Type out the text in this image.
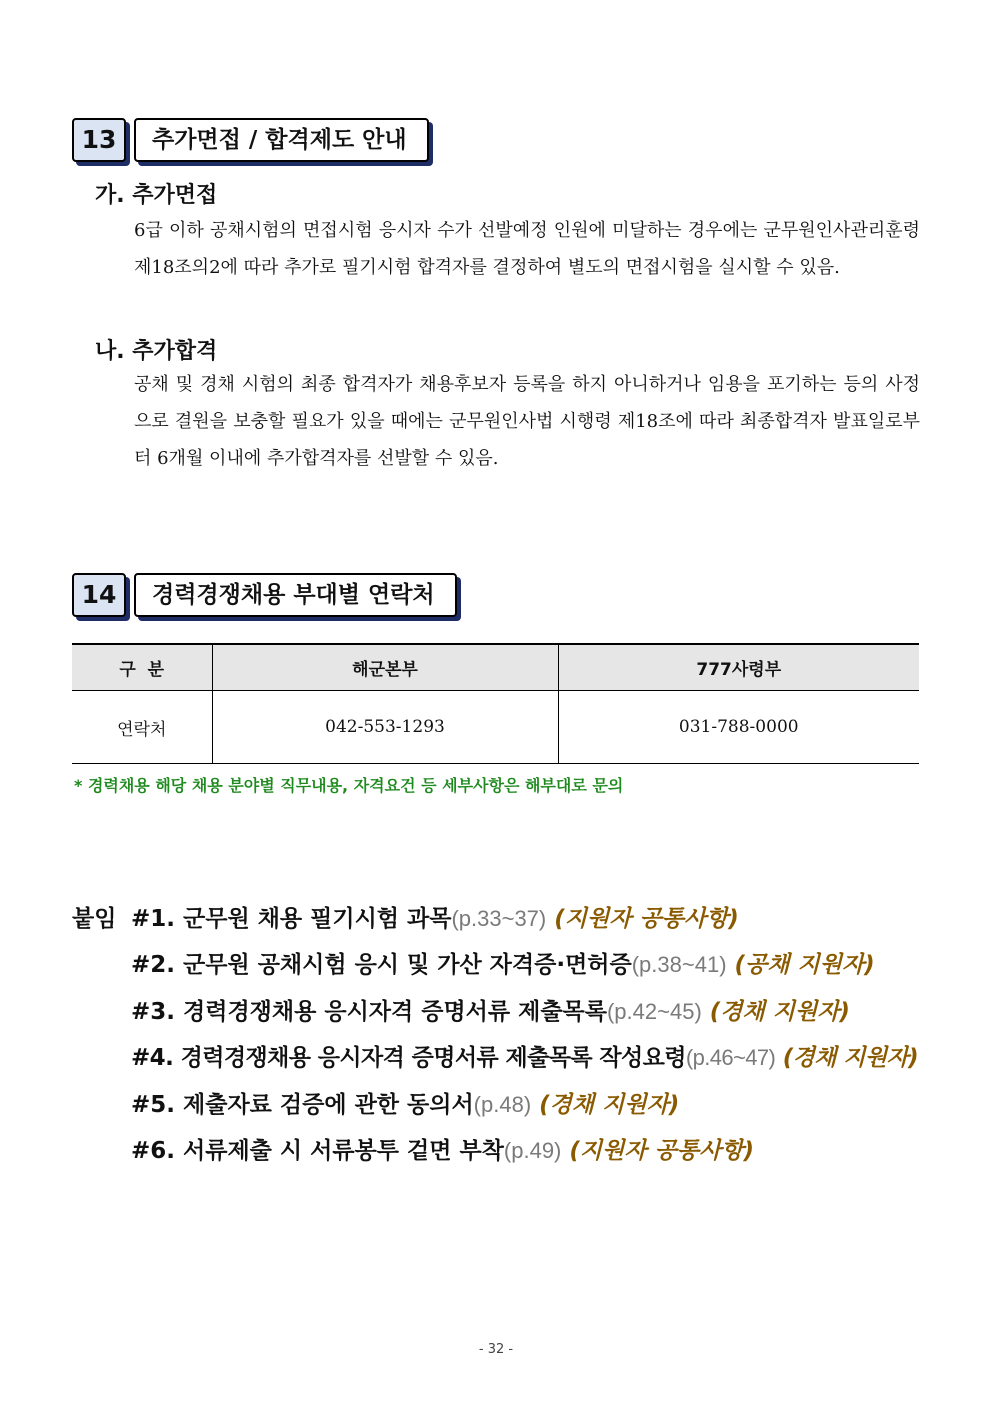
13	추가면접 / 합격제도 안내
가. 추가면접
6급 이하 공채시험의 면접시험 응시자 수가 선발예정 인원에 미달하는 경우에는 군무원인사관리훈령 제18조의2에 따라 추가로 필기시험 합격자를 결정하여 별도의 면접시험을 실시할 수 있음.
나. 추가합격
공채 및 경채 시험의 최종 합격자가 채용후보자 등록을 하지 아니하거나 임용을 포기하는 등의 사정으로 결원을 보충할 필요가 있을 때에는 군무원인사법 시행령 제18조에 따라 최종합격자 발표일로부터 6개월 이내에 추가합격자를 선발할 수 있음.
14	경력경쟁채용 부대별 연락처
구  분	해군본부	777사령부
연락처	042-553-1293	031-788-0000
* 경력채용 해당 채용 분야별 직무내용, 자격요건 등 세부사항은 해부대로 문의
붙임 #1. 군무원 채용 필기시험 과목(p.33~37) (지원자 공통사항)
#2. 군무원 공채시험 응시 및 가산 자격증·면허증(p.38~41) (공채 지원자)
#3. 경력경쟁채용 응시자격 증명서류 제출목록(p.42~45) (경채 지원자)
#4. 경력경쟁채용 응시자격 증명서류 제출목록 작성요령(p.46~47) (경채 지원자)
#5. 제출자료 검증에 관한 동의서(p.48) (경채 지원자)
#6. 서류제출 시 서류봉투 겉면 부착(p.49) (지원자 공통사항)
- 32 -
